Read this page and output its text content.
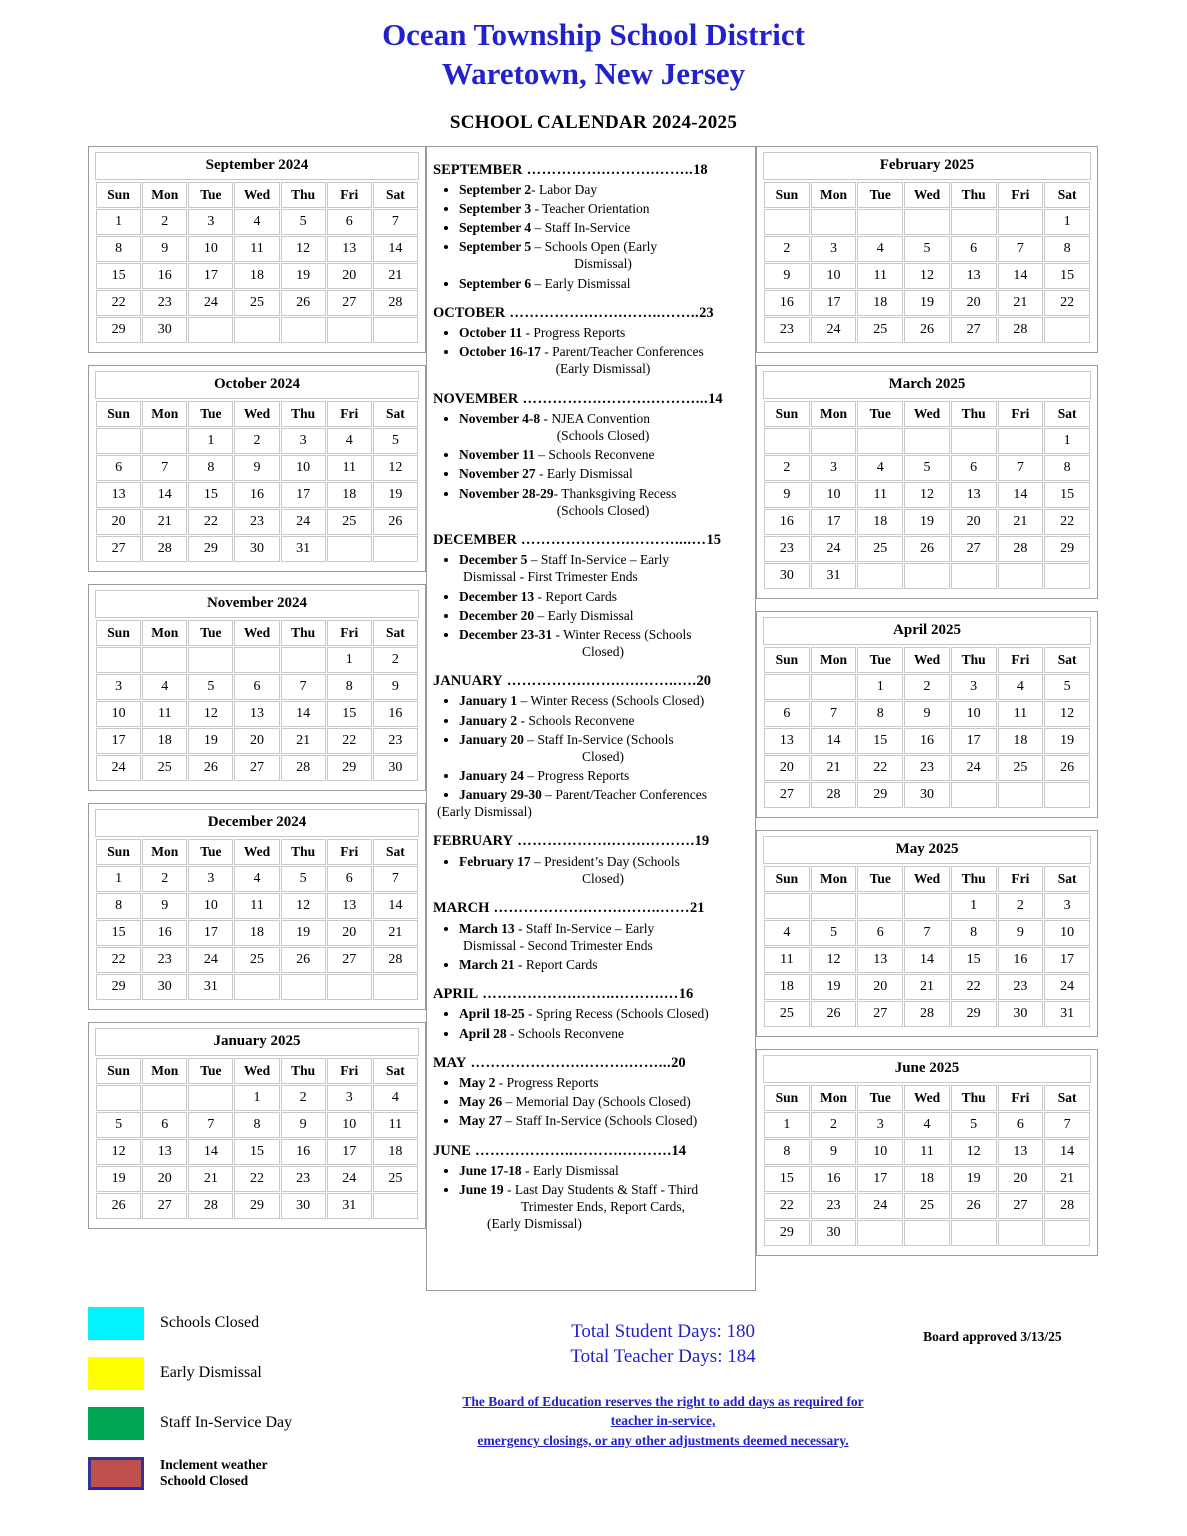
Ocean Township School District
Waretown, New Jersey
SCHOOL CALENDAR 2024-2025
September 2024
Sun	Mon	Tue	Wed	Thu	Fri	Sat
1	2	3	4	5	6	7
8	9	10	11	12	13	14
15	16	17	18	19	20	21
22	23	24	25	26	27	28
29	30					
October 2024
Sun	Mon	Tue	Wed	Thu	Fri	Sat
		1	2	3	4	5
6	7	8	9	10	11	12
13	14	15	16	17	18	19
20	21	22	23	24	25	26
27	28	29	30	31		
November 2024
Sun	Mon	Tue	Wed	Thu	Fri	Sat
					1	2
3	4	5	6	7	8	9
10	11	12	13	14	15	16
17	18	19	20	21	22	23
24	25	26	27	28	29	30
December 2024
Sun	Mon	Tue	Wed	Thu	Fri	Sat
1	2	3	4	5	6	7
8	9	10	11	12	13	14
15	16	17	18	19	20	21
22	23	24	25	26	27	28
29	30	31				
January 2025
Sun	Mon	Tue	Wed	Thu	Fri	Sat
			1	2	3	4
5	6	7	8	9	10	11
12	13	14	15	16	17	18
19	20	21	22	23	24	25
26	27	28	29	30	31	
SEPTEMBER …………….……….……..18
• September 2- Labor Day
• September 3 - Teacher Orientation
• September 4 – Staff In-Service
• September 5 – Schools Open (Early
Dismissal)
• September 6 – Early Dismissal
OCTOBER …………….…….……..……..23
• October 11 - Progress Reports
• October 16-17 - Parent/Teacher Conferences
(Early Dismissal)
NOVEMBER …………….……….………...14
• November 4-8 - NJEA Convention
(Schools Closed)
• November 11 – Schools Reconvene
• November 27 - Early Dismissal
• November 28-29- Thanksgiving Recess
(Schools Closed)
DECEMBER ………………….………....…15
• December 5 – Staff In-Service – Early
Dismissal - First Trimester Ends
• December 13 - Report Cards
• December 20 – Early Dismissal
• December 23-31 - Winter Recess (Schools
Closed)
JANUARY …………….…….….……..….20
• January 1 – Winter Recess (Schools Closed)
• January 2 - Schools Reconvene
• January 20 – Staff In-Service (Schools
Closed)
• January 24 – Progress Reports
• January 29-30 – Parent/Teacher Conferences
(Early Dismissal)
FEBRUARY ……………….…….……….19
• February 17 – President’s Day (Schools
Closed)
MARCH ……………….…….……..……21
• March 13 - Staff In-Service – Early
Dismissal - Second Trimester Ends
• March 21 - Report Cards
APRIL ……………….……..……….…16
• April 18-25 - Spring Recess (Schools Closed)
• April 28 - Schools Reconvene
MAY ………………….……….……...20
• May 2 - Progress Reports
• May 26 – Memorial Day (Schools Closed)
• May 27 – Staff In-Service (Schools Closed)
JUNE ………………..……….……….14
• June 17-18 - Early Dismissal
• June 19 - Last Day Students & Staff - Third
Trimester Ends, Report Cards,
(Early Dismissal)
February 2025
Sun	Mon	Tue	Wed	Thu	Fri	Sat
						1
2	3	4	5	6	7	8
9	10	11	12	13	14	15
16	17	18	19	20	21	22
23	24	25	26	27	28	
March 2025
Sun	Mon	Tue	Wed	Thu	Fri	Sat
						1
2	3	4	5	6	7	8
9	10	11	12	13	14	15
16	17	18	19	20	21	22
23	24	25	26	27	28	29
30	31					
April 2025
Sun	Mon	Tue	Wed	Thu	Fri	Sat
		1	2	3	4	5
6	7	8	9	10	11	12
13	14	15	16	17	18	19
20	21	22	23	24	25	26
27	28	29	30			
May 2025
Sun	Mon	Tue	Wed	Thu	Fri	Sat
				1	2	3
4	5	6	7	8	9	10
11	12	13	14	15	16	17
18	19	20	21	22	23	24
25	26	27	28	29	30	31
June 2025
Sun	Mon	Tue	Wed	Thu	Fri	Sat
1	2	3	4	5	6	7
8	9	10	11	12	13	14
15	16	17	18	19	20	21
22	23	24	25	26	27	28
29	30					
Schools Closed
Early Dismissal
Staff In-Service Day
Inclement weather
Schoold Closed
Total Student Days: 180
Total Teacher Days: 184
The Board of Education reserves the right to add days as required for teacher in-service,
emergency closings, or any other adjustments deemed necessary.
Board approved 3/13/25
